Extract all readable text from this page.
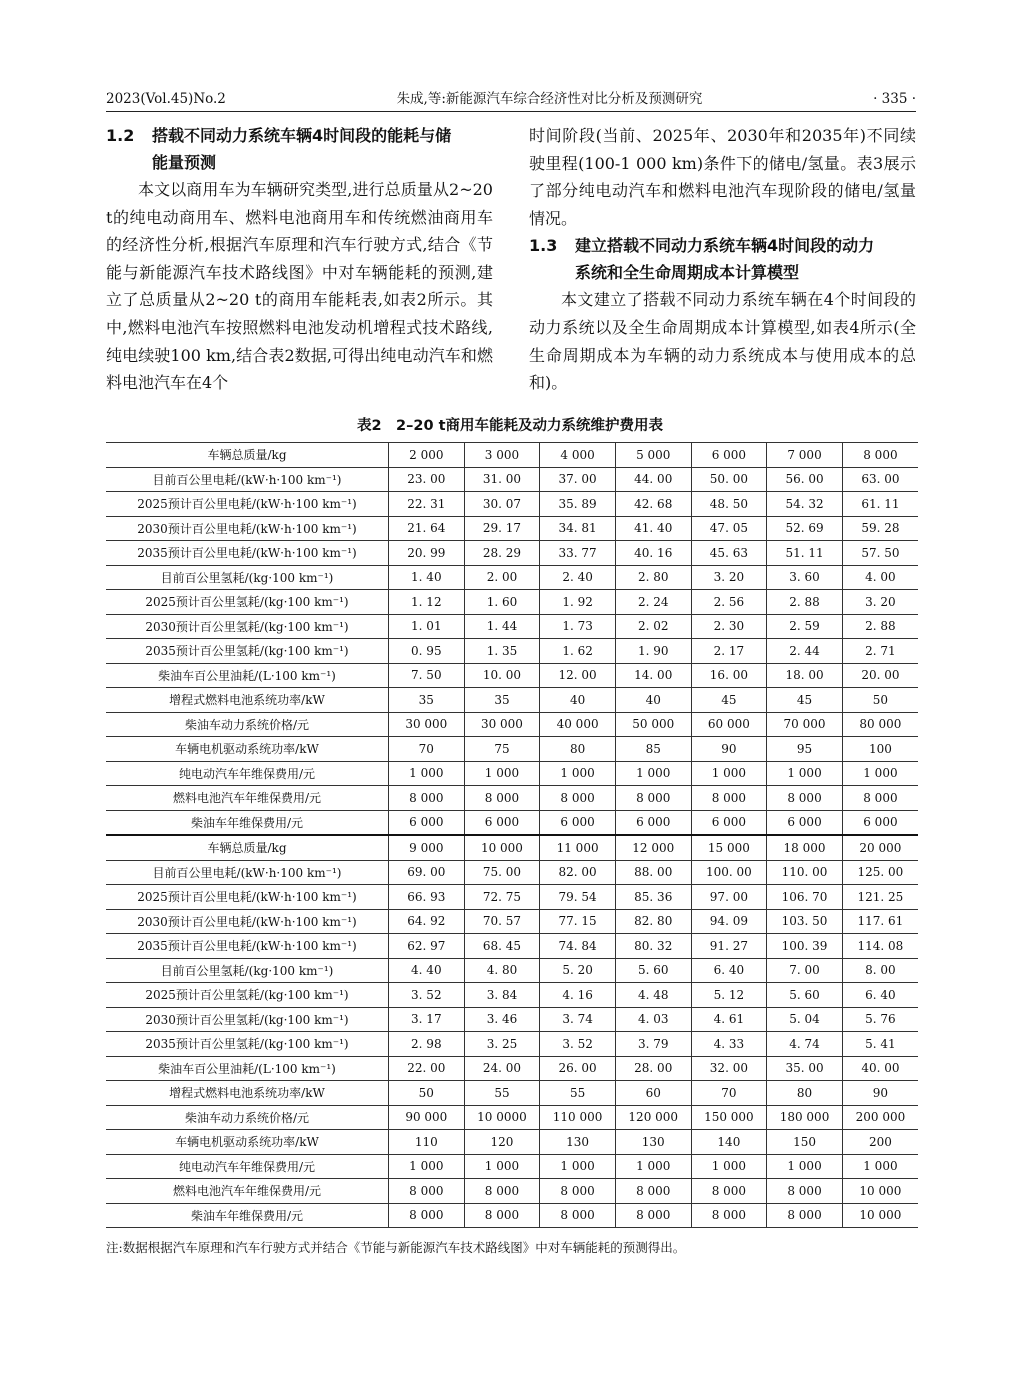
2023(Vol.45)No.2	朱成,等:新能源汽车综合经济性对比分析及预测研究	· 335 ·
1.2 搭载不同动力系统车辆4时间段的能耗与储
能量预测

本文以商用车为车辆研究类型,进行总质量从2~20 t的纯电动商用车、燃料电池商用车和传统燃油商用车的经济性分析,根据汽车原理和汽车行驶方式,结合《节能与新能源汽车技术路线图》中对车辆能耗的预测,建立了总质量从2~20 t的商用车能耗表,如表2所示。其中,燃料电池汽车按照燃料电池发动机增程式技术路线,纯电续驶100 km,结合表2数据,可得出纯电动汽车和燃料电池汽车在4个

时间阶段(当前、2025年、2030年和2035年)不同续驶里程(100-1 000 km)条件下的储电/氢量。表3展示了部分纯电动汽车和燃料电池汽车现阶段的储电/氢量情况。

1.3 建立搭载不同动力系统车辆4时间段的动力
系统和全生命周期成本计算模型

本文建立了搭载不同动力系统车辆在4个时间段的动力系统以及全生命周期成本计算模型,如表4所示(全生命周期成本为车辆的动力系统成本与使用成本的总和)。

表2　2–20 t商用车能耗及动力系统维护费用表
车辆总质量/kg	2 000	3 000	4 000	5 000	6 000	7 000	8 000
目前百公里电耗/(kW·h·100 km⁻¹)	23. 00	31. 00	37. 00	44. 00	50. 00	56. 00	63. 00
2025预计百公里电耗/(kW·h·100 km⁻¹)	22. 31	30. 07	35. 89	42. 68	48. 50	54. 32	61. 11
2030预计百公里电耗/(kW·h·100 km⁻¹)	21. 64	29. 17	34. 81	41. 40	47. 05	52. 69	59. 28
2035预计百公里电耗/(kW·h·100 km⁻¹)	20. 99	28. 29	33. 77	40. 16	45. 63	51. 11	57. 50
目前百公里氢耗/(kg·100 km⁻¹)	1. 40	2. 00	2. 40	2. 80	3. 20	3. 60	4. 00
2025预计百公里氢耗/(kg·100 km⁻¹)	1. 12	1. 60	1. 92	2. 24	2. 56	2. 88	3. 20
2030预计百公里氢耗/(kg·100 km⁻¹)	1. 01	1. 44	1. 73	2. 02	2. 30	2. 59	2. 88
2035预计百公里氢耗/(kg·100 km⁻¹)	0. 95	1. 35	1. 62	1. 90	2. 17	2. 44	2. 71
柴油车百公里油耗/(L·100 km⁻¹)	7. 50	10. 00	12. 00	14. 00	16. 00	18. 00	20. 00
增程式燃料电池系统功率/kW	35	35	40	40	45	45	50
柴油车动力系统价格/元	30 000	30 000	40 000	50 000	60 000	70 000	80 000
车辆电机驱动系统功率/kW	70	75	80	85	90	95	100
纯电动汽车年维保费用/元	1 000	1 000	1 000	1 000	1 000	1 000	1 000
燃料电池汽车年维保费用/元	8 000	8 000	8 000	8 000	8 000	8 000	8 000
柴油车年维保费用/元	6 000	6 000	6 000	6 000	6 000	6 000	6 000
车辆总质量/kg	9 000	10 000	11 000	12 000	15 000	18 000	20 000
目前百公里电耗/(kW·h·100 km⁻¹)	69. 00	75. 00	82. 00	88. 00	100. 00	110. 00	125. 00
2025预计百公里电耗/(kW·h·100 km⁻¹)	66. 93	72. 75	79. 54	85. 36	97. 00	106. 70	121. 25
2030预计百公里电耗/(kW·h·100 km⁻¹)	64. 92	70. 57	77. 15	82. 80	94. 09	103. 50	117. 61
2035预计百公里电耗/(kW·h·100 km⁻¹)	62. 97	68. 45	74. 84	80. 32	91. 27	100. 39	114. 08
目前百公里氢耗/(kg·100 km⁻¹)	4. 40	4. 80	5. 20	5. 60	6. 40	7. 00	8. 00
2025预计百公里氢耗/(kg·100 km⁻¹)	3. 52	3. 84	4. 16	4. 48	5. 12	5. 60	6. 40
2030预计百公里氢耗/(kg·100 km⁻¹)	3. 17	3. 46	3. 74	4. 03	4. 61	5. 04	5. 76
2035预计百公里氢耗/(kg·100 km⁻¹)	2. 98	3. 25	3. 52	3. 79	4. 33	4. 74	5. 41
柴油车百公里油耗/(L·100 km⁻¹)	22. 00	24. 00	26. 00	28. 00	32. 00	35. 00	40. 00
增程式燃料电池系统功率/kW	50	55	55	60	70	80	90
柴油车动力系统价格/元	90 000	10 0000	110 000	120 000	150 000	180 000	200 000
车辆电机驱动系统功率/kW	110	120	130	130	140	150	200
纯电动汽车年维保费用/元	1 000	1 000	1 000	1 000	1 000	1 000	1 000
燃料电池汽车年维保费用/元	8 000	8 000	8 000	8 000	8 000	8 000	10 000
柴油车年维保费用/元	8 000	8 000	8 000	8 000	8 000	8 000	10 000
注:数据根据汽车原理和汽车行驶方式并结合《节能与新能源汽车技术路线图》中对车辆能耗的预测得出。
